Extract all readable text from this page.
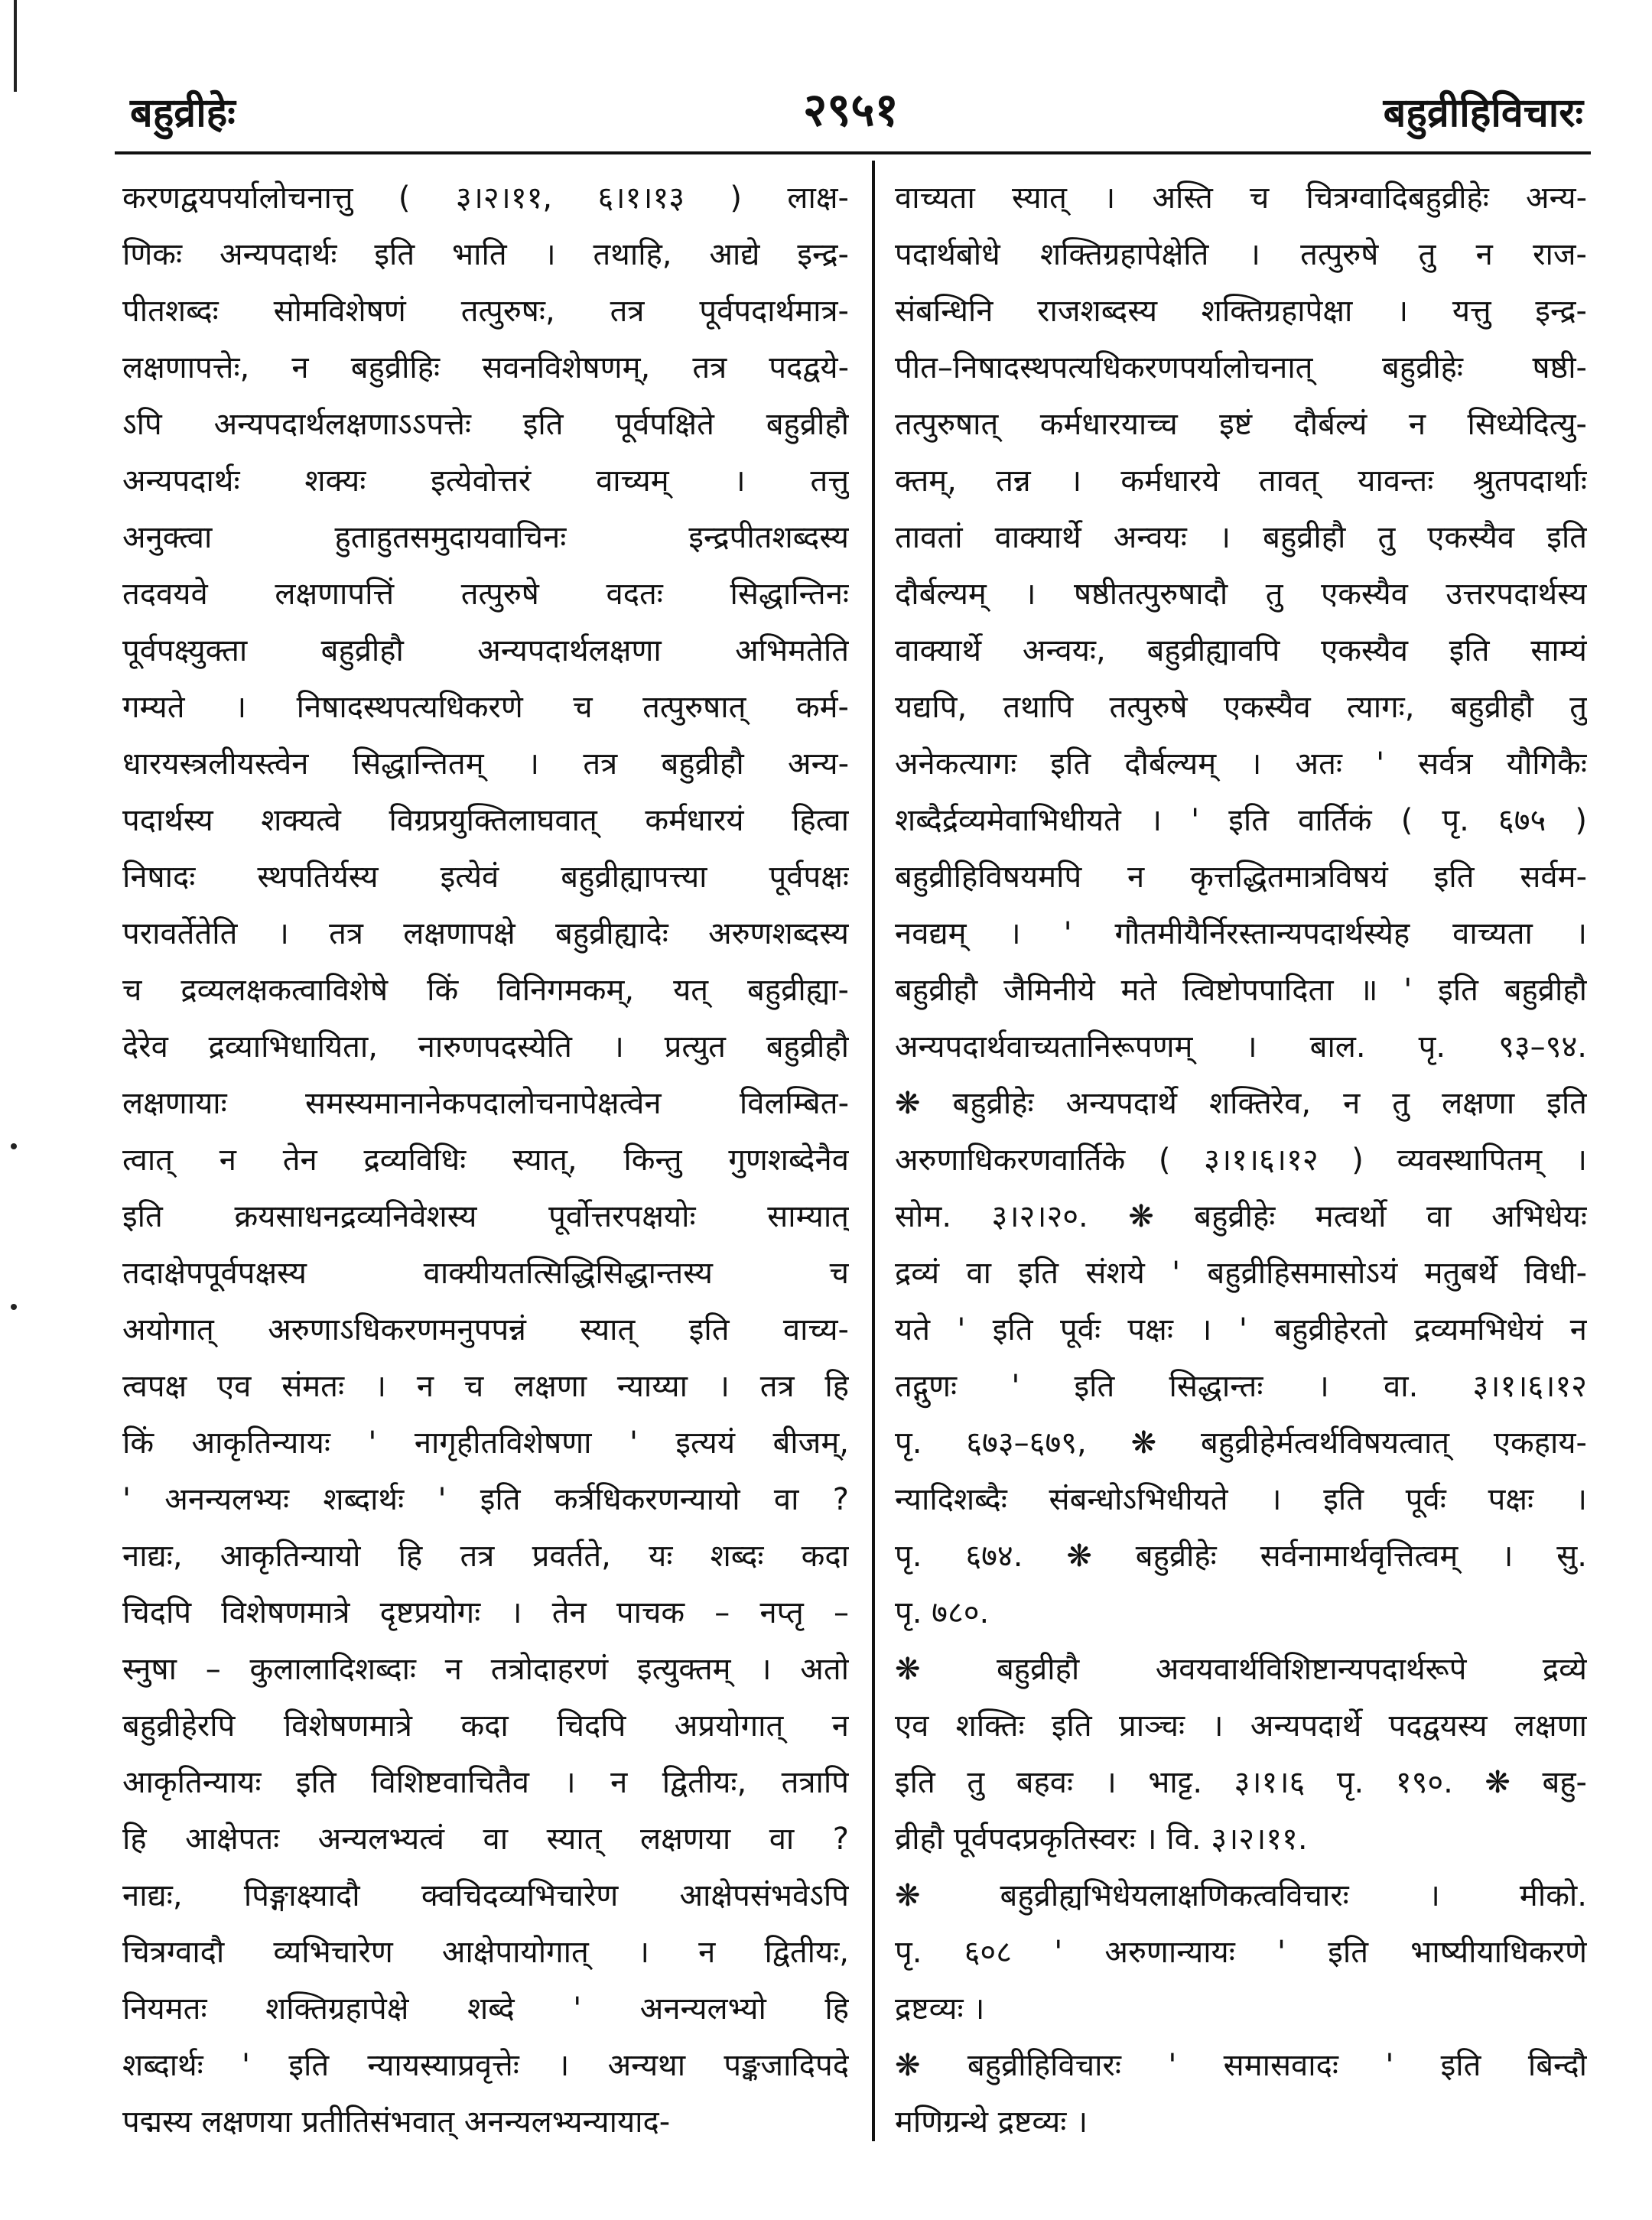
बहुव्रीहेः	२९५१	बहुव्रीहिविचारः
करणद्वयपर्यालोचनात्तु ( ३।२।११, ६।१।१३ ) लाक्ष-
णिकः अन्यपदार्थः इति भाति । तथाहि, आद्ये इन्द्र-
पीतशब्दः सोमविशेषणं तत्पुरुषः, तत्र पूर्वपदार्थमात्र-
लक्षणापत्तेः, न बहुव्रीहिः सवनविशेषणम्, तत्र पदद्वये-
ऽपि अन्यपदार्थलक्षणाऽऽपत्तेः इति पूर्वपक्षिते बहुव्रीहौ
अन्यपदार्थः शक्यः इत्येवोत्तरं वाच्यम् । तत्तु
अनुक्त्वा हुताहुतसमुदायवाचिनः इन्द्रपीतशब्दस्य
तदवयवे लक्षणापत्तिं तत्पुरुषे वदतः सिद्धान्तिनः
पूर्वपक्ष्युक्ता बहुव्रीहौ अन्यपदार्थलक्षणा अभिमतेति
गम्यते । निषादस्थपत्यधिकरणे च तत्पुरुषात् कर्म-
धारयस्त्रलीयस्त्वेन सिद्धान्तितम् । तत्र बहुव्रीहौ अन्य-
पदार्थस्य शक्यत्वे विग्रप्रयुक्तिलाघवात् कर्मधारयं हित्वा
निषादः स्थपतिर्यस्य इत्येवं बहुव्रीह्यापत्त्या पूर्वपक्षः
परावर्तेतेति । तत्र लक्षणापक्षे बहुव्रीह्यादेः अरुणशब्दस्य
च द्रव्यलक्षकत्वाविशेषे किं विनिगमकम्, यत् बहुव्रीह्या-
देरेव द्रव्याभिधायिता, नारुणपदस्येति । प्रत्युत बहुव्रीहौ
लक्षणायाः समस्यमानानेकपदालोचनापेक्षत्वेन विलम्बित-
त्वात् न तेन द्रव्यविधिः स्यात्, किन्तु गुणशब्देनैव
इति क्रयसाधनद्रव्यनिवेशस्य पूर्वोत्तरपक्षयोः साम्यात्
तदाक्षेपपूर्वपक्षस्य वाक्यीयतत्सिद्धिसिद्धान्तस्य च
अयोगात् अरुणाऽधिकरणमनुपपन्नं स्यात् इति वाच्य-
त्वपक्ष एव संमतः । न च लक्षणा न्याय्या । तत्र हि
किं आकृतिन्यायः ' नागृहीतविशेषणा ' इत्ययं बीजम्,
' अनन्यलभ्यः शब्दार्थः ' इति कर्त्रधिकरणन्यायो वा ?
नाद्यः, आकृतिन्यायो हि तत्र प्रवर्तते, यः शब्दः कदा
चिदपि विशेषणमात्रे दृष्टप्रयोगः । तेन पाचक – नप्तृ –
स्नुषा – कुलालादिशब्दाः न तत्रोदाहरणं इत्युक्तम् । अतो
बहुव्रीहेरपि विशेषणमात्रे कदा चिदपि अप्रयोगात् न
आकृतिन्यायः इति विशिष्टवाचितैव । न द्वितीयः, तत्रापि
हि आक्षेपतः अन्यलभ्यत्वं वा स्यात् लक्षणया वा ?
नाद्यः, पिङ्गाक्ष्यादौ क्वचिदव्यभिचारेण आक्षेपसंभवेऽपि
चित्रग्वादौ व्यभिचारेण आक्षेपायोगात् । न द्वितीयः,
नियमतः शक्तिग्रहापेक्षे शब्दे ' अनन्यलभ्यो हि
शब्दार्थः ' इति न्यायस्याप्रवृत्तेः । अन्यथा पङ्कजादिपदे
पद्मस्य लक्षणया प्रतीतिसंभवात् अनन्यलभ्यन्यायाद-
वाच्यता स्यात् । अस्ति च चित्रग्वादिबहुव्रीहेः अन्य-
पदार्थबोधे शक्तिग्रहापेक्षेति । तत्पुरुषे तु न राज-
संबन्धिनि राजशब्दस्य शक्तिग्रहापेक्षा । यत्तु इन्द्र-
पीत–निषादस्थपत्यधिकरणपर्यालोचनात् बहुव्रीहेः षष्ठी-
तत्पुरुषात् कर्मधारयाच्च इष्टं दौर्बल्यं न सिध्येदित्यु-
क्तम्, तन्न । कर्मधारये तावत् यावन्तः श्रुतपदार्थाः
तावतां वाक्यार्थे अन्वयः । बहुव्रीहौ तु एकस्यैव इति
दौर्बल्यम् । षष्ठीतत्पुरुषादौ तु एकस्यैव उत्तरपदार्थस्य
वाक्यार्थे अन्वयः, बहुव्रीह्यावपि एकस्यैव इति साम्यं
यद्यपि, तथापि तत्पुरुषे एकस्यैव त्यागः, बहुव्रीहौ तु
अनेकत्यागः इति दौर्बल्यम् । अतः ' सर्वत्र यौगिकैः
शब्दैर्द्रव्यमेवाभिधीयते । ' इति वार्तिकं ( पृ. ६७५ )
बहुव्रीहिविषयमपि न कृत्तद्धितमात्रविषयं इति सर्वम-
नवद्यम् । ' गौतमीयैर्निरस्तान्यपदार्थस्येह वाच्यता ।
बहुव्रीहौ जैमिनीये मते त्विष्टोपपादिता ॥ ' इति बहुव्रीहौ
अन्यपदार्थवाच्यतानिरूपणम् । बाल. पृ. ९३–९४.
❋ बहुव्रीहेः अन्यपदार्थे शक्तिरेव, न तु लक्षणा इति
अरुणाधिकरणवार्तिके ( ३।१।६।१२ ) व्यवस्थापितम् ।
सोम. ३।२।२०. ❋ बहुव्रीहेः मत्वर्थो वा अभिधेयः
द्रव्यं वा इति संशये ' बहुव्रीहिसमासोऽयं मतुबर्थे विधी-
यते ' इति पूर्वः पक्षः । ' बहुव्रीहेरतो द्रव्यमभिधेयं न
तद्गुणः ' इति सिद्धान्तः । वा. ३।१।६।१२
पृ. ६७३–६७९, ❋ बहुव्रीहेर्मत्वर्थविषयत्वात् एकहाय-
न्यादिशब्दैः संबन्धोऽभिधीयते । इति पूर्वः पक्षः ।
पृ. ६७४. ❋ बहुव्रीहेः सर्वनामार्थवृत्तित्वम् । सु.
पृ. ७८०.
❋ बहुव्रीहौ अवयवार्थविशिष्टान्यपदार्थरूपे द्रव्ये
एव शक्तिः इति प्राञ्चः । अन्यपदार्थे पदद्वयस्य लक्षणा
इति तु बहवः । भाट्ट. ३।१।६ पृ. १९०. ❋ बहु-
व्रीहौ पूर्वपदप्रकृतिस्वरः । वि. ३।२।११.
❋ बहुव्रीह्यभिधेयलाक्षणिकत्वविचारः । मीको.
पृ. ६०८ ' अरुणान्यायः ' इति भाष्यीयाधिकरणे
द्रष्टव्यः ।
❋ बहुव्रीहिविचारः ' समासवादः ' इति बिन्दौ
मणिग्रन्थे द्रष्टव्यः ।
